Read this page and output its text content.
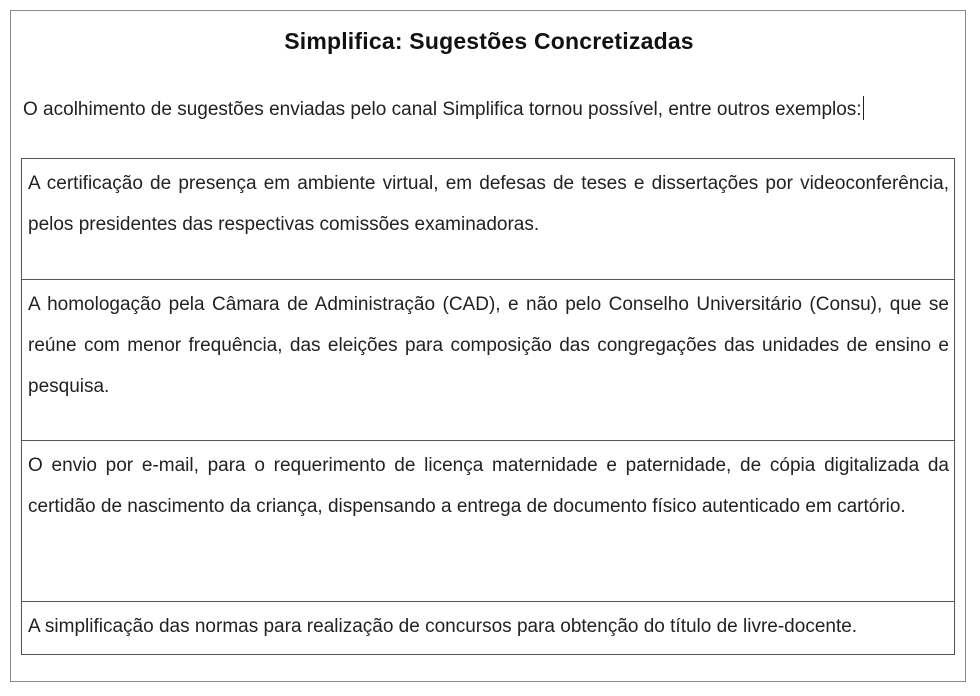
Simplifica: Sugestões Concretizadas
O acolhimento de sugestões enviadas pelo canal Simplifica tornou possível, entre outros exemplos:
A certificação de presença em ambiente virtual, em defesas de teses e dissertações por videoconferência, pelos presidentes das respectivas comissões examinadoras.
A homologação pela Câmara de Administração (CAD), e não pelo Conselho Universitário (Consu), que se reúne com menor frequência, das eleições para composição das congregações das unidades de ensino e pesquisa.
O envio por e-mail, para o requerimento de licença maternidade e paternidade, de cópia digitalizada da certidão de nascimento da criança, dispensando a entrega de documento físico autenticado em cartório.
A simplificação das normas para realização de concursos para obtenção do título de livre-docente.
